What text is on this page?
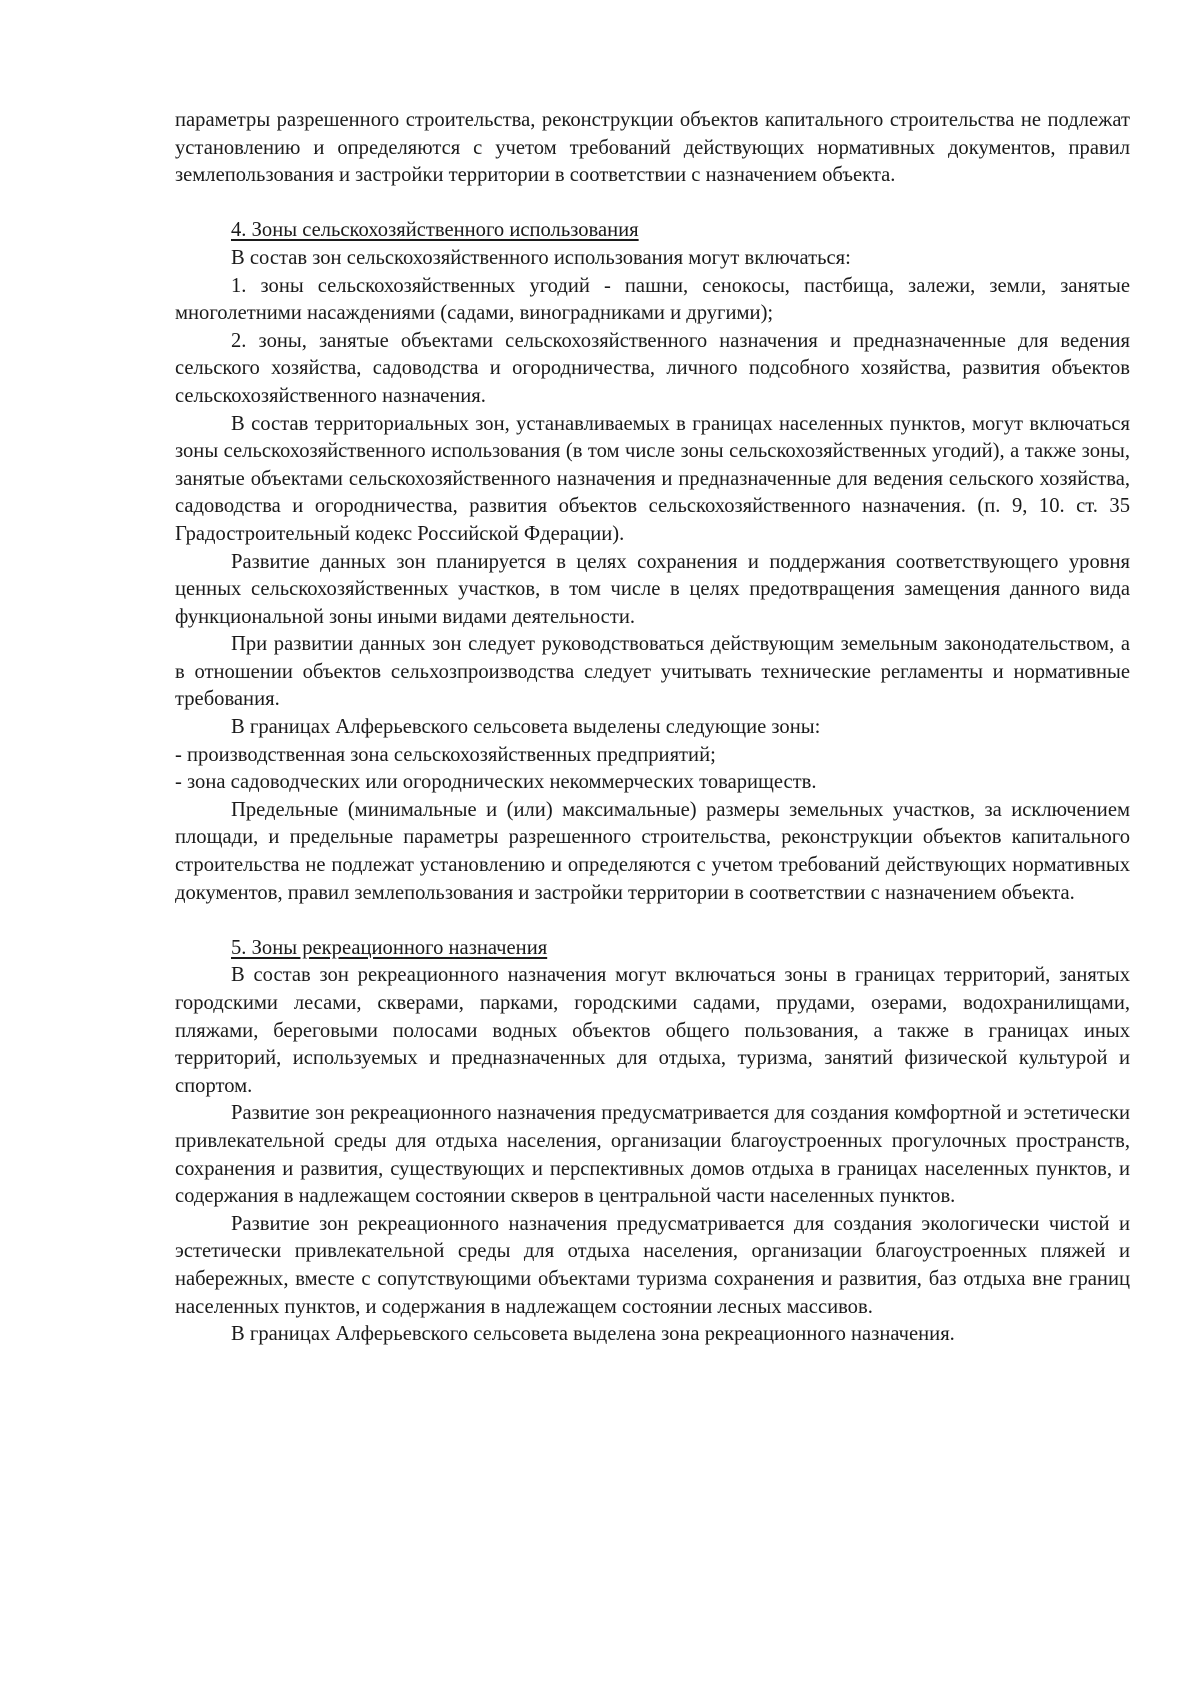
параметры разрешенного строительства, реконструкции объектов капитального строительства не подлежат установлению и определяются с учетом требований действующих нормативных документов, правил землепользования и застройки территории в соответствии с назначением объекта.

4. Зоны сельскохозяйственного использования

В состав зон сельскохозяйственного использования могут включаться:

1. зоны сельскохозяйственных угодий - пашни, сенокосы, пастбища, залежи, земли, занятые многолетними насаждениями (садами, виноградниками и другими);

2. зоны, занятые объектами сельскохозяйственного назначения и предназначенные для ведения сельского хозяйства, садоводства и огородничества, личного подсобного хозяйства, развития объектов сельскохозяйственного назначения.

В состав территориальных зон, устанавливаемых в границах населенных пунктов, могут включаться зоны сельскохозяйственного использования (в том числе зоны сельскохозяйственных угодий), а также зоны, занятые объектами сельскохозяйственного назначения и предназначенные для ведения сельского хозяйства, садоводства и огородничества, развития объектов сельскохозяйственного назначения. (п. 9, 10. ст. 35 Градостроительный кодекс Российской Фдерации).

Развитие данных зон планируется в целях сохранения и поддержания соответствующего уровня ценных сельскохозяйственных участков, в том числе в целях предотвращения замещения данного вида функциональной зоны иными видами деятельности.

При развитии данных зон следует руководствоваться действующим земельным законодательством, а в отношении объектов сельхозпроизводства следует учитывать технические регламенты и нормативные требования.

В границах Алферьевского сельсовета выделены следующие зоны:

- производственная зона сельскохозяйственных предприятий;

- зона садоводческих или огороднических некоммерческих товариществ.

Предельные (минимальные и (или) максимальные) размеры земельных участков, за исключением площади, и предельные параметры разрешенного строительства, реконструкции объектов капитального строительства не подлежат установлению и определяются с учетом требований действующих нормативных документов, правил землепользования и застройки территории в соответствии с назначением объекта.

5. Зоны рекреационного назначения

В состав зон рекреационного назначения могут включаться зоны в границах территорий, занятых городскими лесами, скверами, парками, городскими садами, прудами, озерами, водохранилищами, пляжами, береговыми полосами водных объектов общего пользования, а также в границах иных территорий, используемых и предназначенных для отдыха, туризма, занятий физической культурой и спортом.

Развитие зон рекреационного назначения предусматривается для создания комфортной и эстетически привлекательной среды для отдыха населения, организации благоустроенных прогулочных пространств, сохранения и развития, существующих и перспективных домов отдыха в границах населенных пунктов, и содержания в надлежащем состоянии скверов в центральной части населенных пунктов.

Развитие зон рекреационного назначения предусматривается для создания экологически чистой и эстетически привлекательной среды для отдыха населения, организации благоустроенных пляжей и набережных, вместе с сопутствующими объектами туризма сохранения и развития, баз отдыха вне границ населенных пунктов, и содержания в надлежащем состоянии лесных массивов.

В границах Алферьевского сельсовета выделена зона рекреационного назначения.
